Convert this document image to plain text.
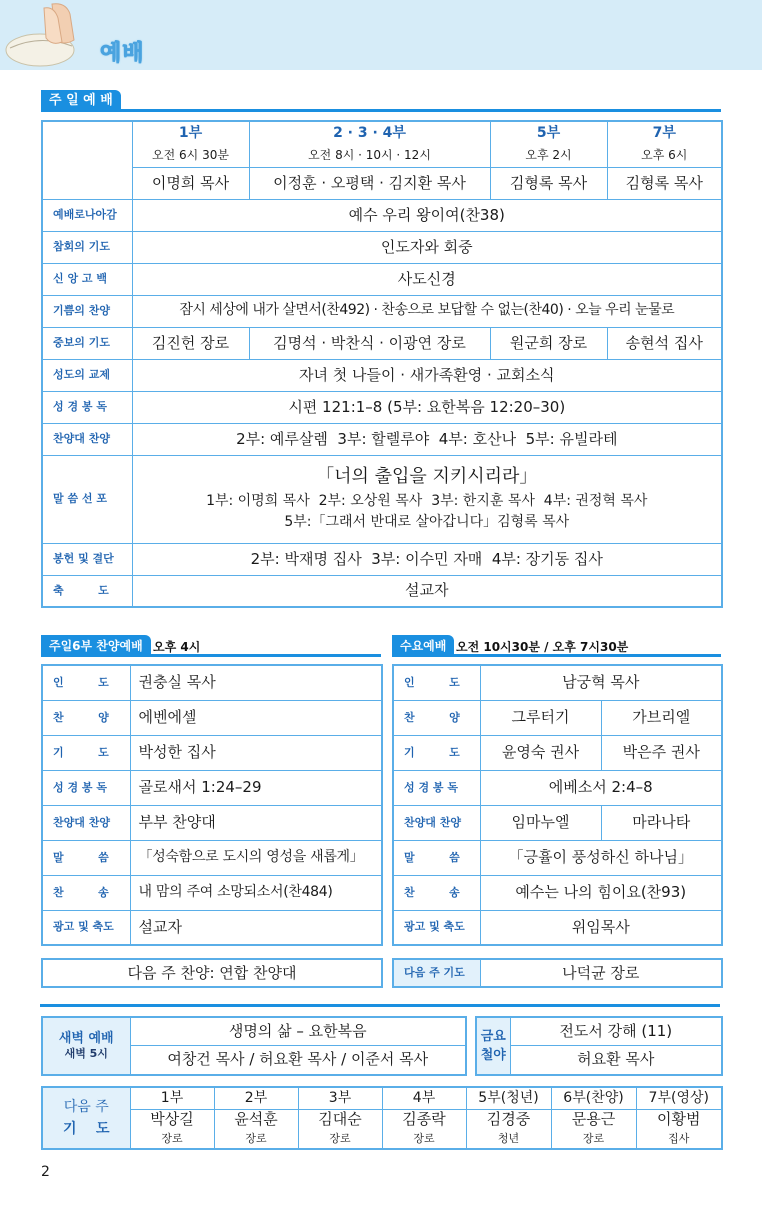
예배
주 일 예 배
	1부	2 · 3 · 4부	5부	7부
	오전 6시 30분	오전 8시 · 10시 · 12시	오후 2시	오후 6시
	이명희 목사	이정훈 · 오평택 · 김지환 목사	김형록 목사	김형록 목사
예배로나아감	예수 우리 왕이여(찬38)			
참회의 기도	인도자와 회중			
신 앙 고 백	사도신경			
기쁨의 찬양	잠시 세상에 내가 살면서(찬492) · 찬송으로 보답할 수 없는(찬40) · 오늘 우리 눈물로			
중보의 기도	김진헌 장로	김명석 · 박찬식 · 이광연 장로	원군희 장로	송현석 집사
성도의 교제	자녀 첫 나들이 · 새가족환영 · 교회소식			
성 경 봉 독	시편 121:1–8 (5부: 요한복음 12:20–30)			
찬양대 찬양	2부: 예루살렘  3부: 할렐루야  4부: 호산나  5부: 유빌라테			
말 씀 선 포	「너의 출입을 지키시리라」
1부: 이명희 목사  2부: 오상원 목사  3부: 한지훈 목사  4부: 권정혁 목사
5부:「그래서 반대로 살아갑니다」김형록 목사			

봉헌 및 결단	2부: 박재명 집사  3부: 이수민 자매  4부: 장기동 집사			
축         도	설교자			
주일6부 찬양예배 오후 4시
인         도	권충실 목사
찬         양	에벤에셀
기         도	박성한 집사
성 경 봉 독	골로새서 1:24–29
찬양대 찬양	부부 찬양대
말         씀	「성숙함으로 도시의 영성을 새롭게」
찬         송	내 맘의 주여 소망되소서(찬484)
광고 및 축도	설교자
다음 주 찬양: 연합 찬양대
수요예배 오전 10시30분 / 오후 7시30분
인         도	남궁혁 목사	
찬         양	그루터기	가브리엘
기         도	윤영숙 권사	박은주 권사
성 경 봉 독	에베소서 2:4–8	
찬양대 찬양	임마누엘	마라나타
말         씀	「긍휼이 풍성하신 하나님」	
찬         송	예수는 나의 힘이요(찬93)	
광고 및 축도	위임목사	
다음 주 기도	나덕균 장로
새벽 예배
새벽 5시
	생명의 삶 – 요한복음
여창건 목사 / 허요환 목사 / 이준서 목사
금요
철야
	전도서 강해 (11)
허요환 목사
다음 주
기    도	1부	2부	3부	4부	5부(청년)	6부(찬양)	7부(영상)
	박상길	윤석훈	김대순	김종락	김경중	문용근	이황범
	장로	장로	장로	장로	청년	장로	집사
2
